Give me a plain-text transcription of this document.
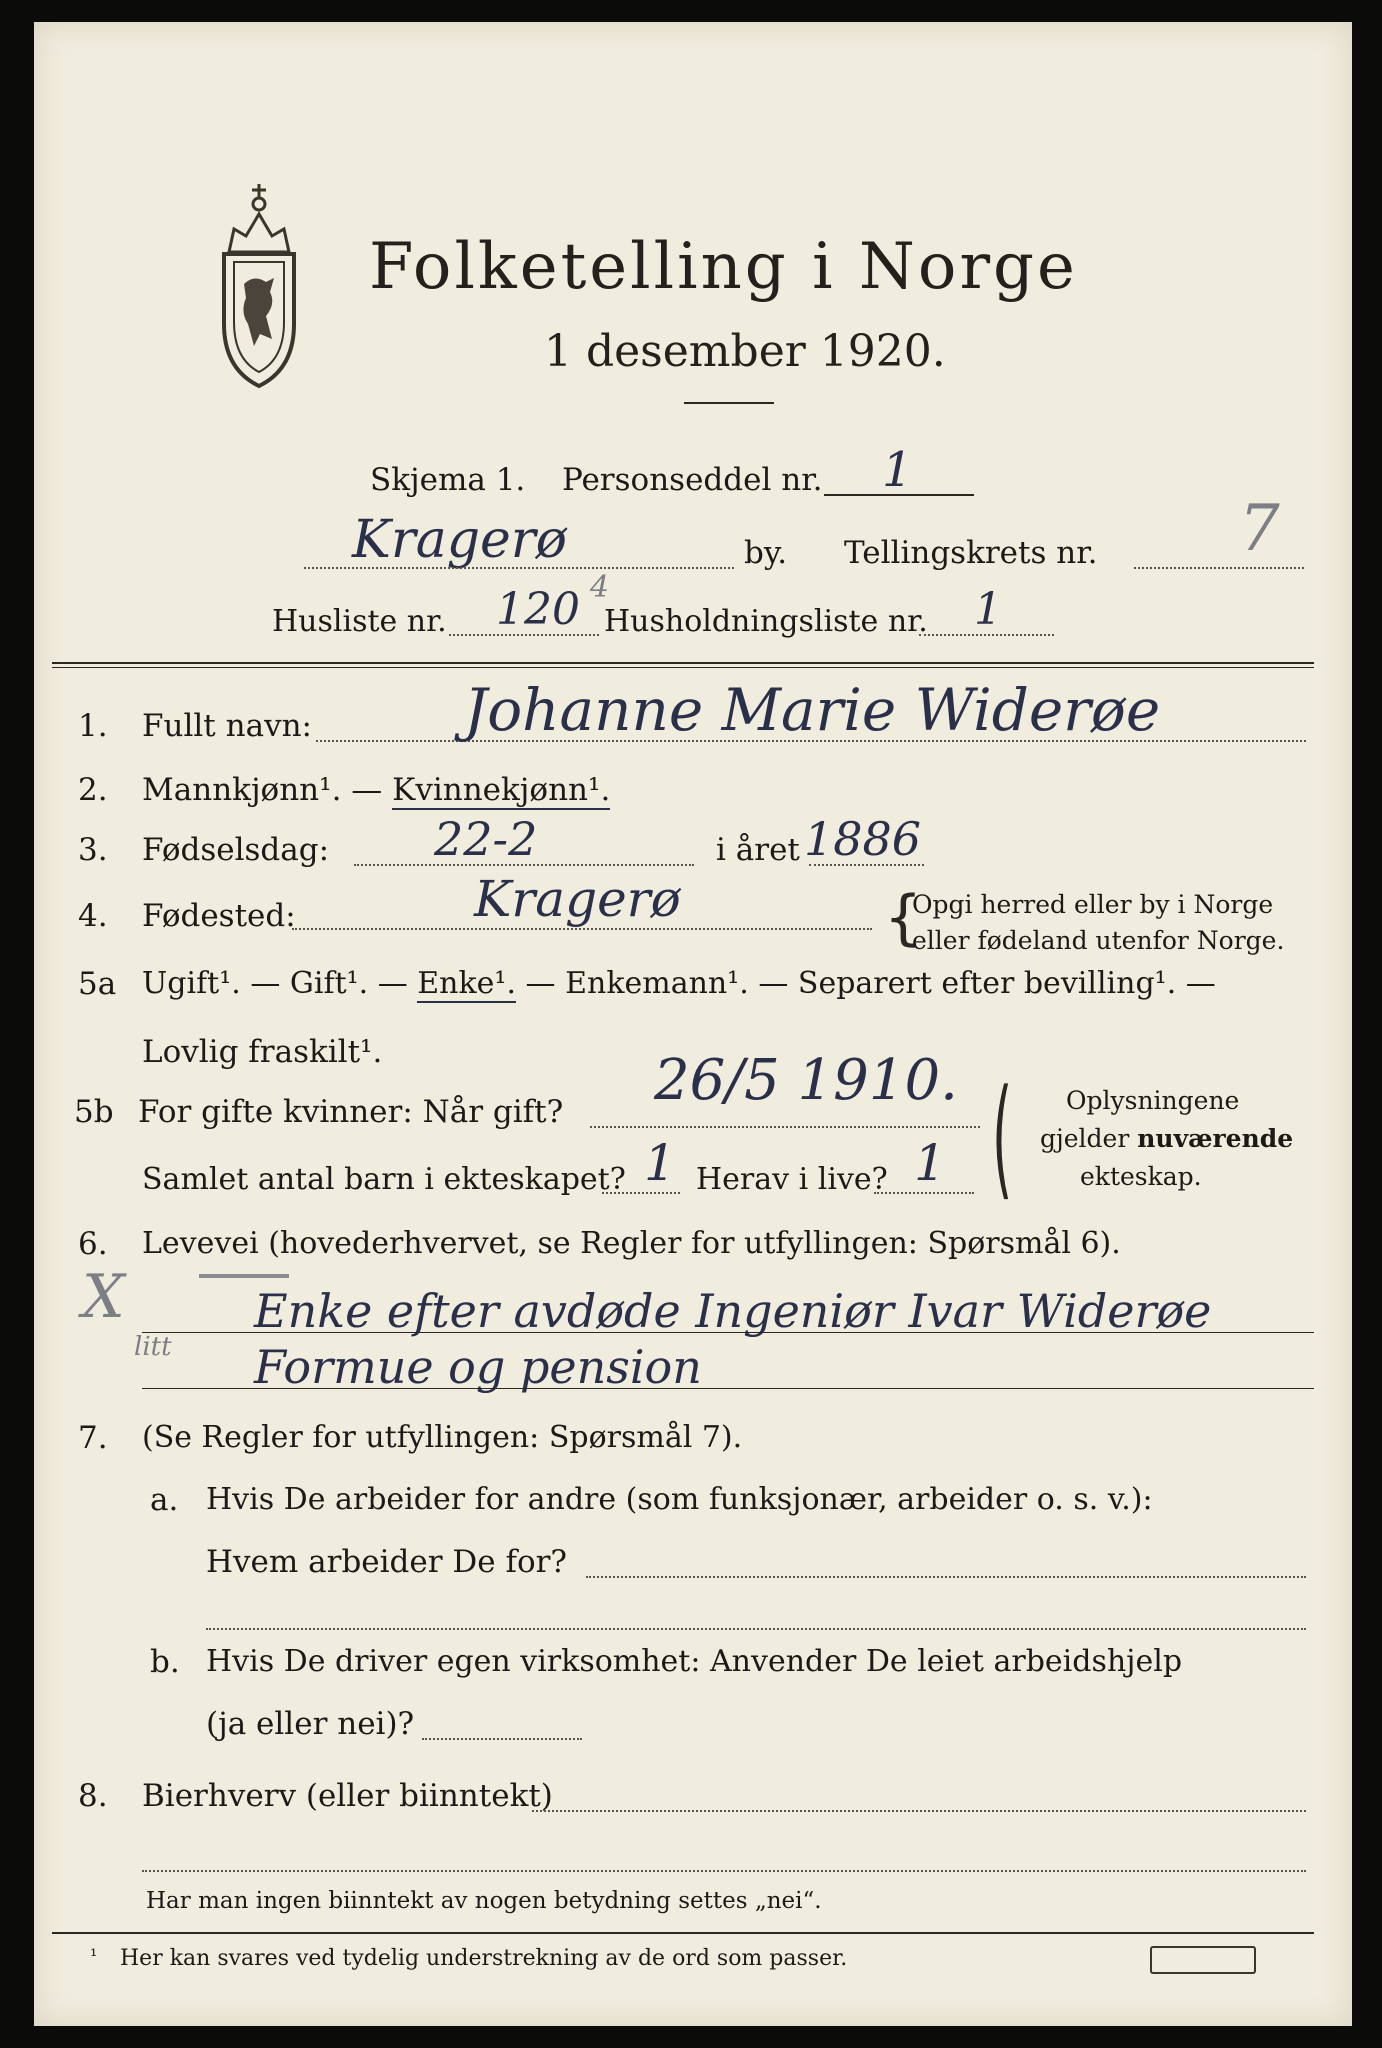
Folketelling i Norge
1 desember 1920.
Skjema 1. Personseddel nr. 1
Kragerø	by. Tellingskrets nr. 7
Husliste nr. 120 4
Husholdningsliste nr. 1
1. Fullt navn:	Johanne Marie Widerøe
2. Mannkjønn¹. — Kvinnekjønn¹.
3. Fødselsdag: 22-2	i året 1886
4. Fødested:	Kragerø	{
Opgi herred eller by i Norge
eller fødeland utenfor Norge.
5a Ugift¹. — Gift¹. — Enke¹. — Enkemann¹. — Separert efter bevilling¹. —
Lovlig fraskilt¹.
5b For gifte kvinner: Når gift? 26/5 1910.
Samlet antal barn i ekteskapet? 1 Herav i live? 1 ( Oplysningene
gjelder nuværende
ekteskap.
6. Levevei (hovederhvervet, se Regler for utfyllingen: Spørsmål 6).
X
litt
Enke efter avdøde Ingeniør Ivar Widerøe
Formue og pension
7. (Se Regler for utfyllingen: Spørsmål 7).
a. Hvis De arbeider for andre (som funksjonær, arbeider o. s. v.):
Hvem arbeider De for?
b. Hvis De driver egen virksomhet: Anvender De leiet arbeidshjelp
(ja eller nei)?
8. Bierhverv (eller biinntekt)
Har man ingen biinntekt av nogen betydning settes „nei“.
¹ Her kan svares ved tydelig understrekning av de ord som passer.
